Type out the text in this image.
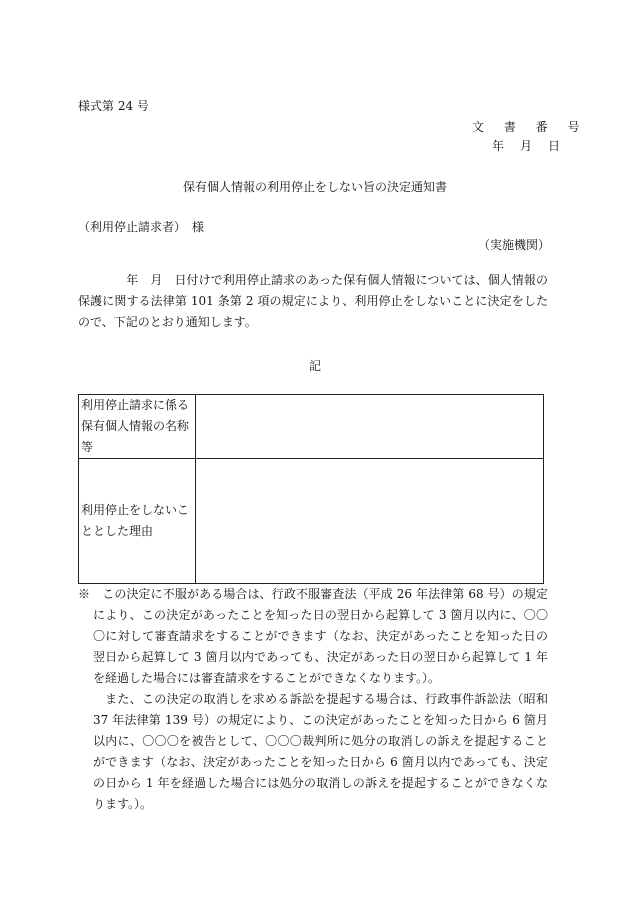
様式第 24 号
文 書 番 号
年　月　日
保有個人情報の利用停止をしない旨の決定通知書
（利用停止請求者）　様
（実施機関）
　　　　年　月　日付けで利用停止請求のあった保有個人情報については、個人情報の保護に関する法律第 101 条第 2 項の規定により、利用停止をしないことに決定をしたので、下記のとおり通知します。
記
利用停止請求に係る保有個人情報の名称等	
利用停止をしないこととした理由	

※　この決定に不服がある場合は、行政不服審査法（平成 26 年法律第 68 号）の規定により、この決定があったことを知った日の翌日から起算して 3 箇月以内に、〇〇〇に対して審査請求をすることができます（なお、決定があったことを知った日の翌日から起算して 3 箇月以内であっても、決定があった日の翌日から起算して 1 年を経過した場合には審査請求をすることができなくなります。）。

また、この決定の取消しを求める訴訟を提起する場合は、行政事件訴訟法（昭和 37 年法律第 139 号）の規定により、この決定があったことを知った日から 6 箇月以内に、〇〇〇を被告として、〇〇〇裁判所に処分の取消しの訴えを提起することができます（なお、決定があったことを知った日から 6 箇月以内であっても、決定の日から 1 年を経過した場合には処分の取消しの訴えを提起することができなくなります。）。
